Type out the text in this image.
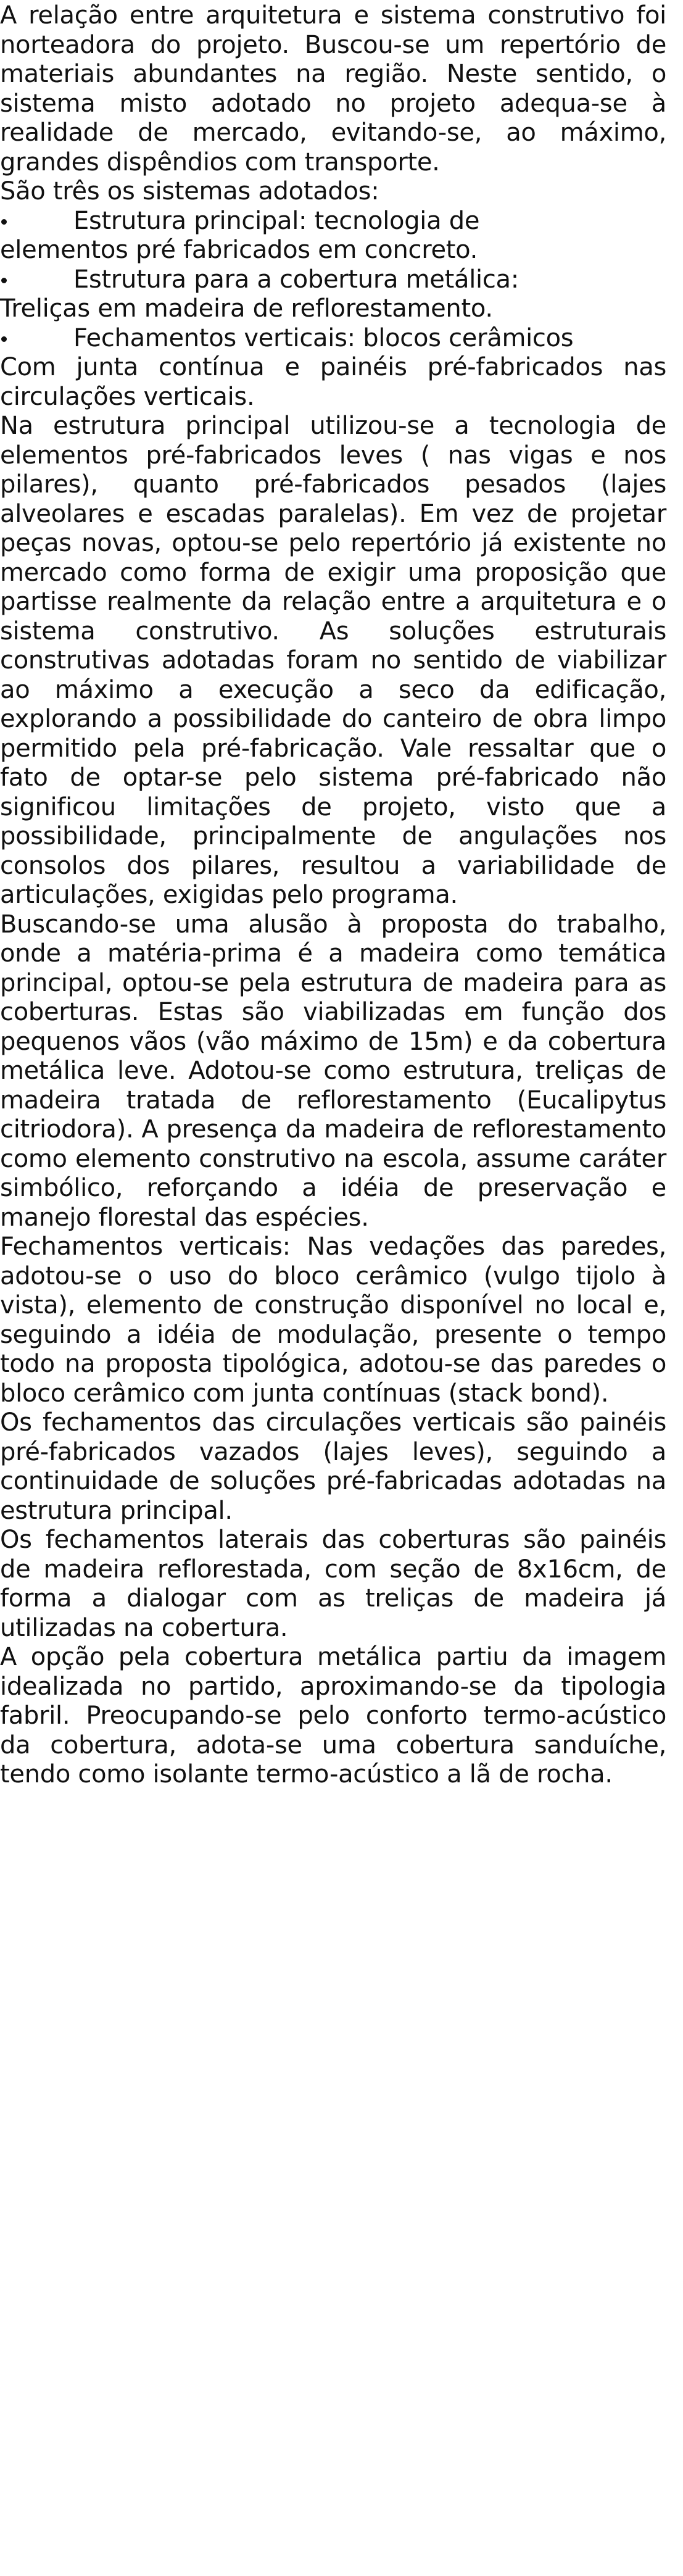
A relação entre arquitetura e sistema construtivo foi norteadora do projeto. Buscou-se um repertório de materiais abundantes na região. Neste sentido, o sistema misto adotado no projeto adequa-se à realidade de mercado, evitando-se, ao máximo, grandes dispêndios com transporte.

São três os sistemas adotados:

Estrutura principal: tecnologia de

elementos pré fabricados em concreto.

Estrutura para a cobertura metálica:

Treliças em madeira de reflorestamento.

Fechamentos verticais: blocos cerâmicos

Com junta contínua e painéis pré-fabricados nas circulações verticais.

Na estrutura principal utilizou-se a tecnologia de elementos pré-fabricados leves ( nas vigas e nos pilares), quanto pré-fabricados pesados (lajes alveolares e escadas paralelas). Em vez de projetar peças novas, optou-se pelo repertório já existente no mercado como forma de exigir uma proposição que partisse realmente da relação entre a arquitetura e o sistema construtivo. As soluções estruturais construtivas adotadas foram no sentido de viabilizar ao máximo a execução a seco da edificação, explorando a possibilidade do canteiro de obra limpo permitido pela pré-fabricação. Vale ressaltar que o fato de optar-se pelo sistema pré-fabricado não significou limitações de projeto, visto que a possibilidade, principalmente de angulações nos consolos dos pilares, resultou a variabilidade de articulações, exigidas pelo programa.

Buscando-se uma alusão à proposta do trabalho, onde a matéria-prima é a madeira como temática principal, optou-se pela estrutura de madeira para as coberturas. Estas são viabilizadas em função dos pequenos vãos (vão máximo de 15m) e da cobertura metálica leve. Adotou-se como estrutura, treliças de madeira tratada de reflorestamento (Eucalipytus citriodora). A presença da madeira de reflorestamento como elemento construtivo na escola, assume caráter simbólico, reforçando a idéia de preservação e manejo florestal das espécies.

Fechamentos verticais: Nas vedações das paredes, adotou-se o uso do bloco cerâmico (vulgo tijolo à vista), elemento de construção disponível no local e, seguindo a idéia de modulação, presente o tempo todo na proposta tipológica, adotou-se das paredes o bloco cerâmico com junta contínuas (stack bond).

Os fechamentos das circulações verticais são painéis pré-fabricados vazados (lajes leves), seguindo a continuidade de soluções pré-fabricadas adotadas na estrutura principal.

Os fechamentos laterais das coberturas são painéis de madeira reflorestada, com seção de 8x16cm, de forma a dialogar com as treliças de madeira já utilizadas na cobertura.

A opção pela cobertura metálica partiu da imagem idealizada no partido, aproximando-se da tipologia fabril. Preocupando-se pelo conforto termo-acústico da cobertura, adota-se uma cobertura sanduíche, tendo como isolante termo-acústico a lã de rocha.
